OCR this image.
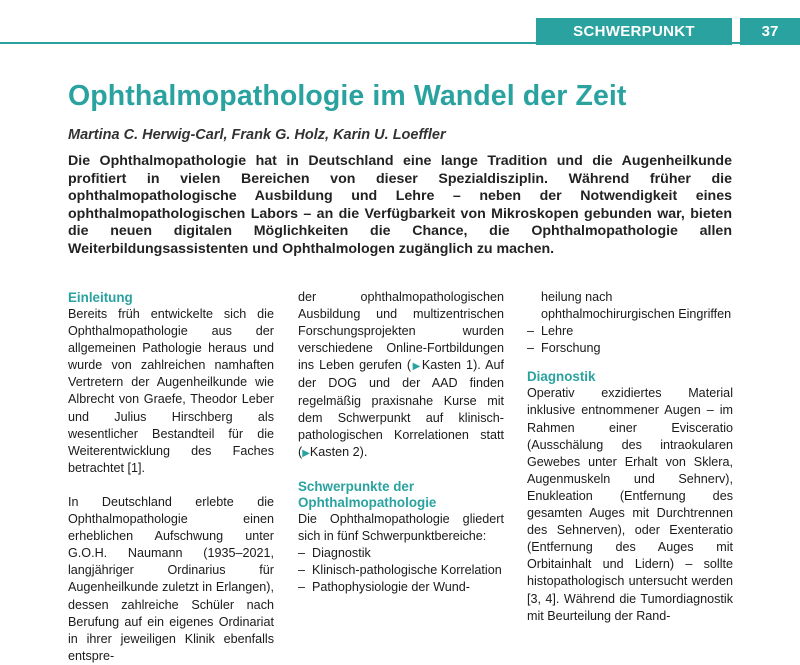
SCHWERPUNKT	37
Ophthalmopathologie im Wandel der Zeit
Martina C. Herwig-Carl, Frank G. Holz, Karin U. Loeffler

Die Ophthalmopathologie hat in Deutschland eine lange Tradition und die Augenheilkunde profitiert in vielen Bereichen von dieser Spezialdisziplin. Während früher die ophthalmopathologische Ausbildung und Lehre – neben der Notwendigkeit eines ophthalmopathologischen Labors – an die Verfügbarkeit von Mikroskopen gebunden war, bieten die neuen digitalen Möglichkeiten die Chance, die Ophthalmopathologie allen Weiterbildungsassistenten und Ophthalmologen zugänglich zu machen.

Einleitung

Bereits früh entwickelte sich die Ophthalmopathologie aus der allgemeinen Pathologie heraus und wurde von zahlreichen namhaften Vertretern der Augenheilkunde wie Albrecht von Graefe, Theodor Leber und Julius Hirschberg als wesentlicher Bestandteil für die Weiterentwicklung des Faches betrachtet [1].

In Deutschland erlebte die Ophthalmopathologie einen erheblichen Aufschwung unter G.O.H. Naumann (1935–2021, langjähriger Ordinarius für Augenheilkunde zuletzt in Erlangen), dessen zahlreiche Schüler nach Berufung auf ein eigenes Ordinariat in ihrer jeweiligen Klinik ebenfalls entspre-

der ophthalmopathologischen Ausbildung und multizentrischen Forschungsprojekten wurden verschiedene Online-Fortbildungen ins Leben gerufen (▶Kasten 1). Auf der DOG und der AAD finden regelmäßig praxisnahe Kurse mit dem Schwerpunkt auf klinisch-pathologischen Korrelationen statt (▶Kasten 2).

Schwerpunkte der Ophthalmopathologie

Die Ophthalmopathologie gliedert sich in fünf Schwerpunktbereiche:

– Diagnostik
– Klinisch-pathologische Korrelation
– Pathophysiologie der Wund-
heilung nach ophthalmochirurgischen Eingriffen
– Lehre
– Forschung
Diagnostik

Operativ exzidiertes Material inklusive entnommener Augen – im Rahmen einer Evisceratio (Ausschälung des intraokularen Gewebes unter Erhalt von Sklera, Augenmuskeln und Sehnerv), Enukleation (Entfernung des gesamten Auges mit Durchtrennen des Sehnerven), oder Exenteratio (Entfernung des Auges mit Orbitainhalt und Lidern) – sollte histopathologisch untersucht werden [3, 4]. Während die Tumordiagnostik mit Beurteilung der Rand-
